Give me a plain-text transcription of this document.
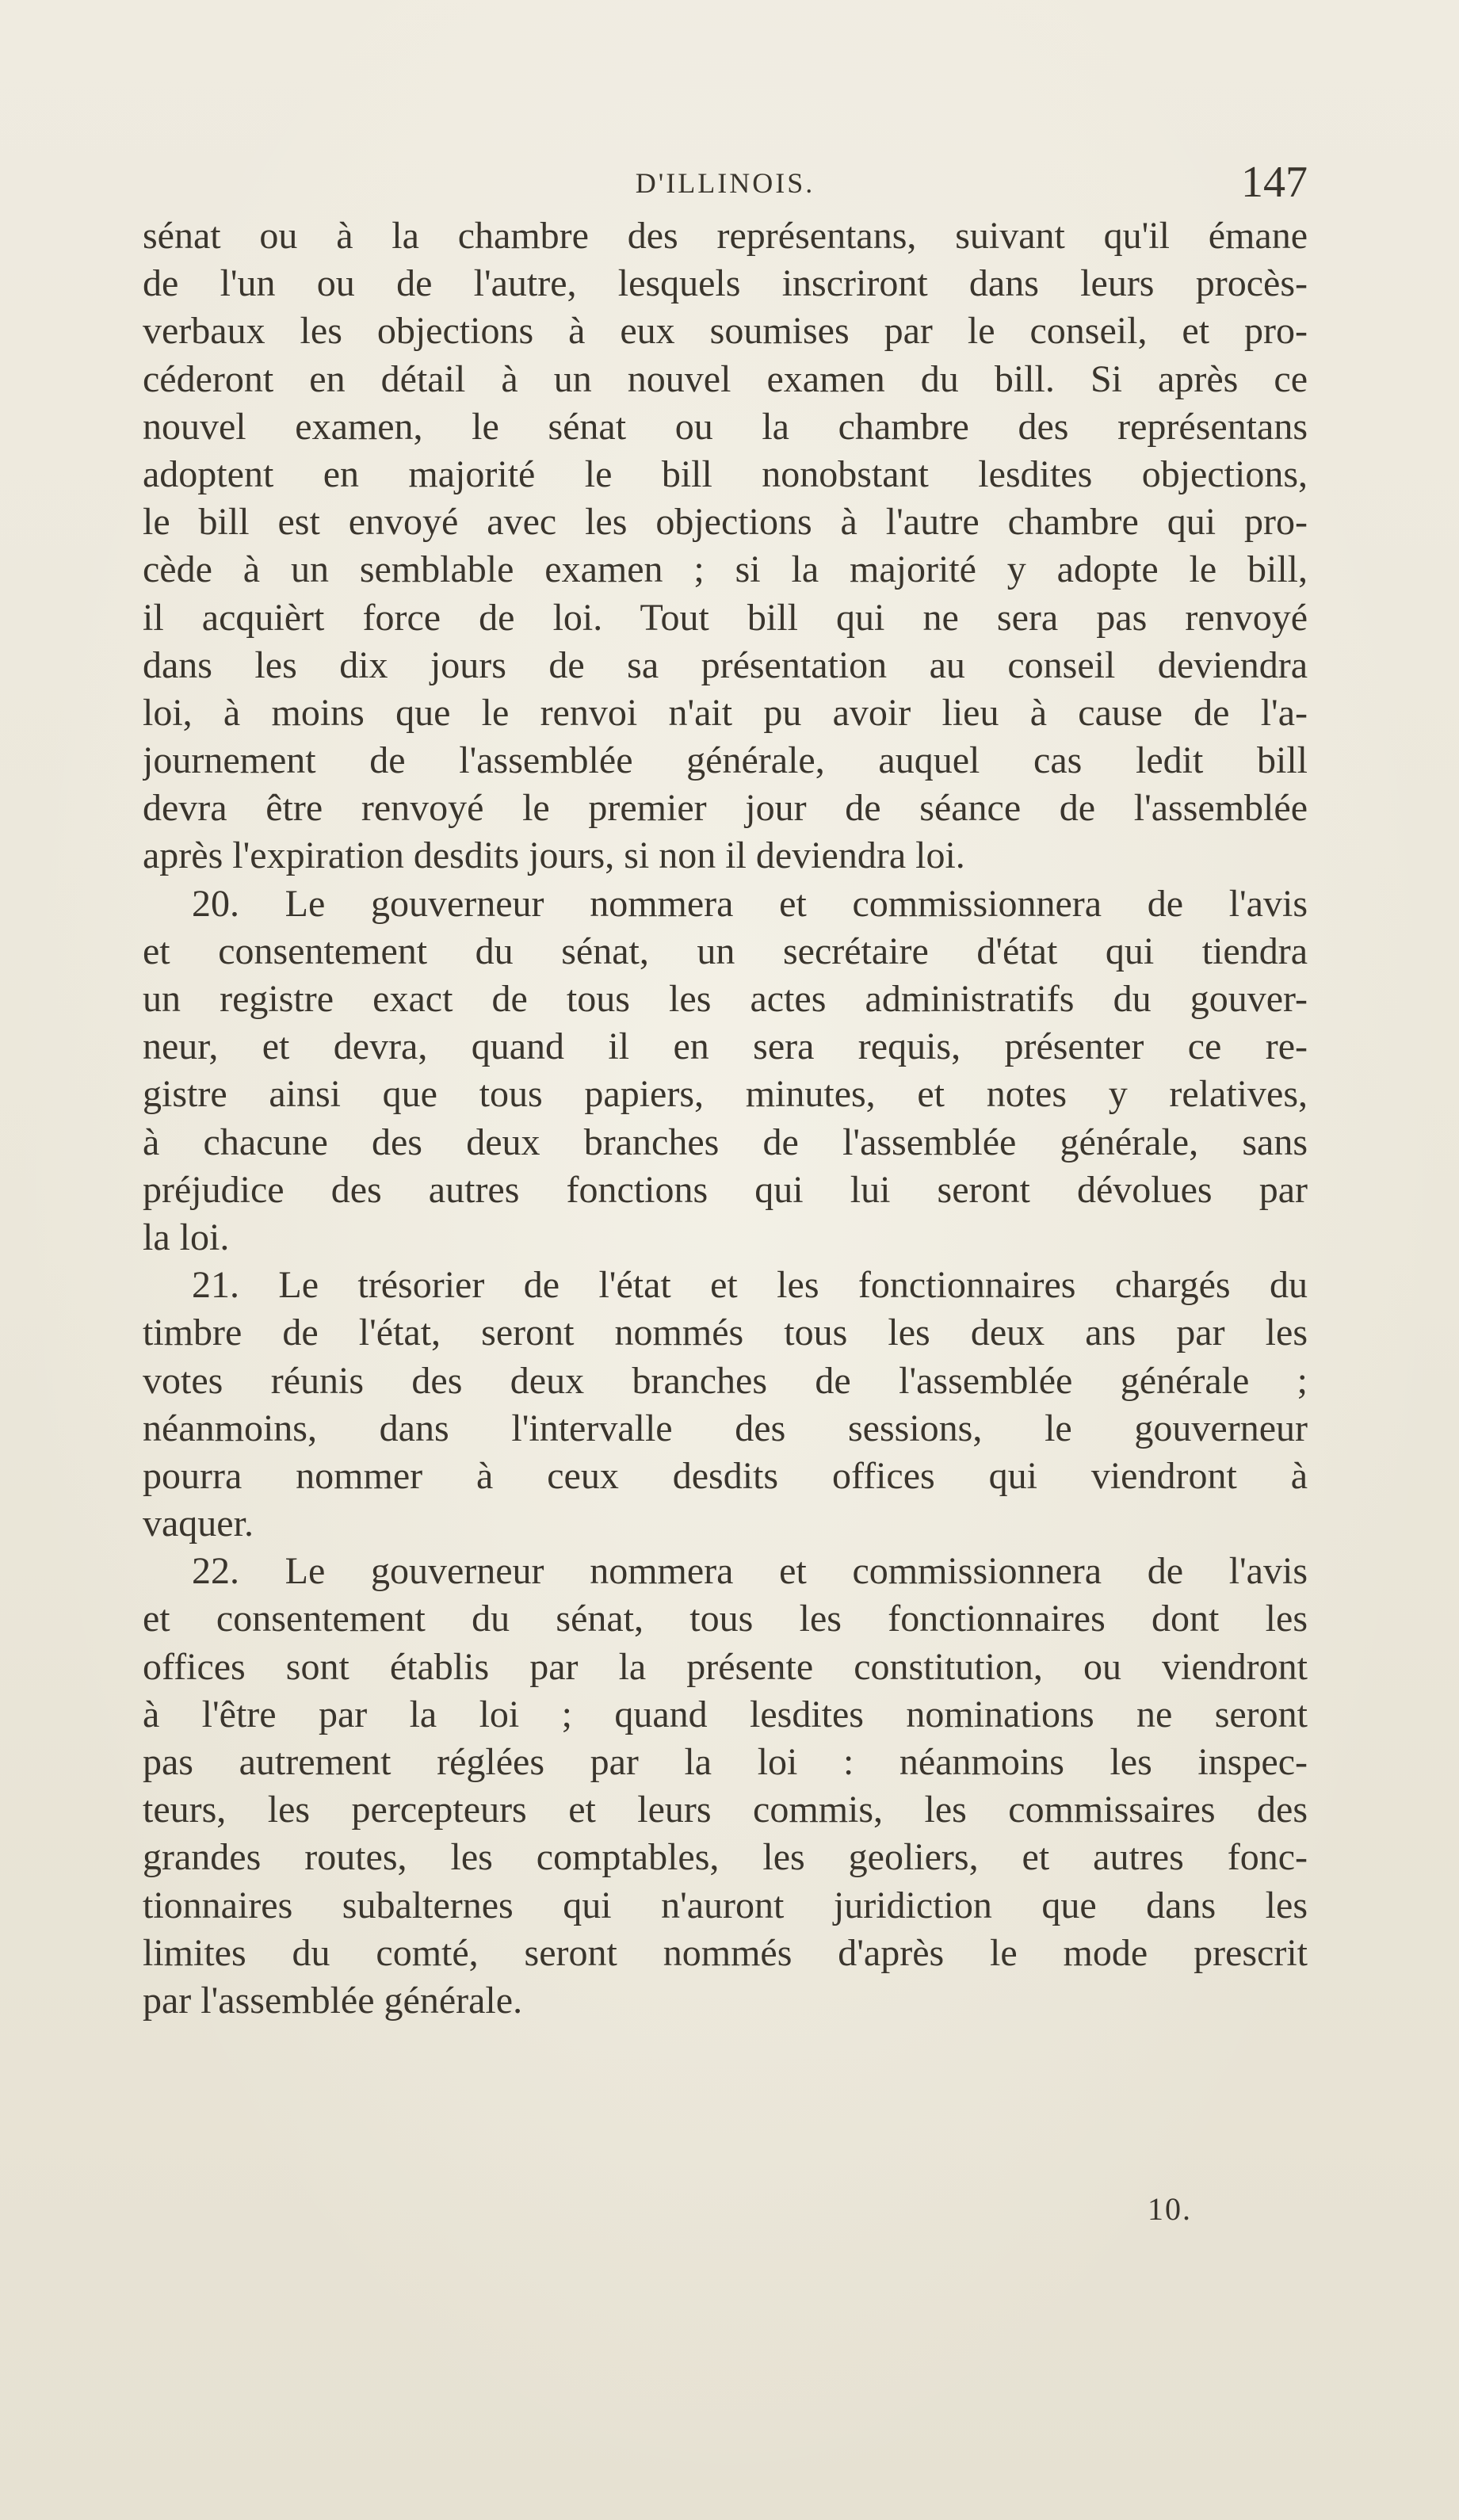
D'ILLINOIS.	147
sénat ou à la chambre des représentans, suivant qu'il émane
de l'un ou de l'autre, lesquels inscriront dans leurs procès-
verbaux les objections à eux soumises par le conseil, et pro-
céderont en détail à un nouvel examen du bill. Si après ce
nouvel examen, le sénat ou la chambre des représentans
adoptent en majorité le bill nonobstant lesdites objections,
le bill est envoyé avec les objections à l'autre chambre qui pro-
cède à un semblable examen ; si la majorité y adopte le bill,
il acquièrt force de loi. Tout bill qui ne sera pas renvoyé
dans les dix jours de sa présentation au conseil deviendra
loi, à moins que le renvoi n'ait pu avoir lieu à cause de l'a-
journement de l'assemblée générale, auquel cas ledit bill
devra être renvoyé le premier jour de séance de l'assemblée
après l'expiration desdits jours, si non il deviendra loi.
20. Le gouverneur nommera et commissionnera de l'avis
et consentement du sénat, un secrétaire d'état qui tiendra
un registre exact de tous les actes administratifs du gouver-
neur, et devra, quand il en sera requis, présenter ce re-
gistre ainsi que tous papiers, minutes, et notes y relatives,
à chacune des deux branches de l'assemblée générale, sans
préjudice des autres fonctions qui lui seront dévolues par
la loi.
21. Le trésorier de l'état et les fonctionnaires chargés du
timbre de l'état, seront nommés tous les deux ans par les
votes réunis des deux branches de l'assemblée générale ;
néanmoins, dans l'intervalle des sessions, le gouverneur
pourra nommer à ceux desdits offices qui viendront à
vaquer.
22. Le gouverneur nommera et commissionnera de l'avis
et consentement du sénat, tous les fonctionnaires dont les
offices sont établis par la présente constitution, ou viendront
à l'être par la loi ; quand lesdites nominations ne seront
pas autrement réglées par la loi : néanmoins les inspec-
teurs, les percepteurs et leurs commis, les commissaires des
grandes routes, les comptables, les geoliers, et autres fonc-
tionnaires subalternes qui n'auront juridiction que dans les
limites du comté, seront nommés d'après le mode prescrit
par l'assemblée générale.
10.
